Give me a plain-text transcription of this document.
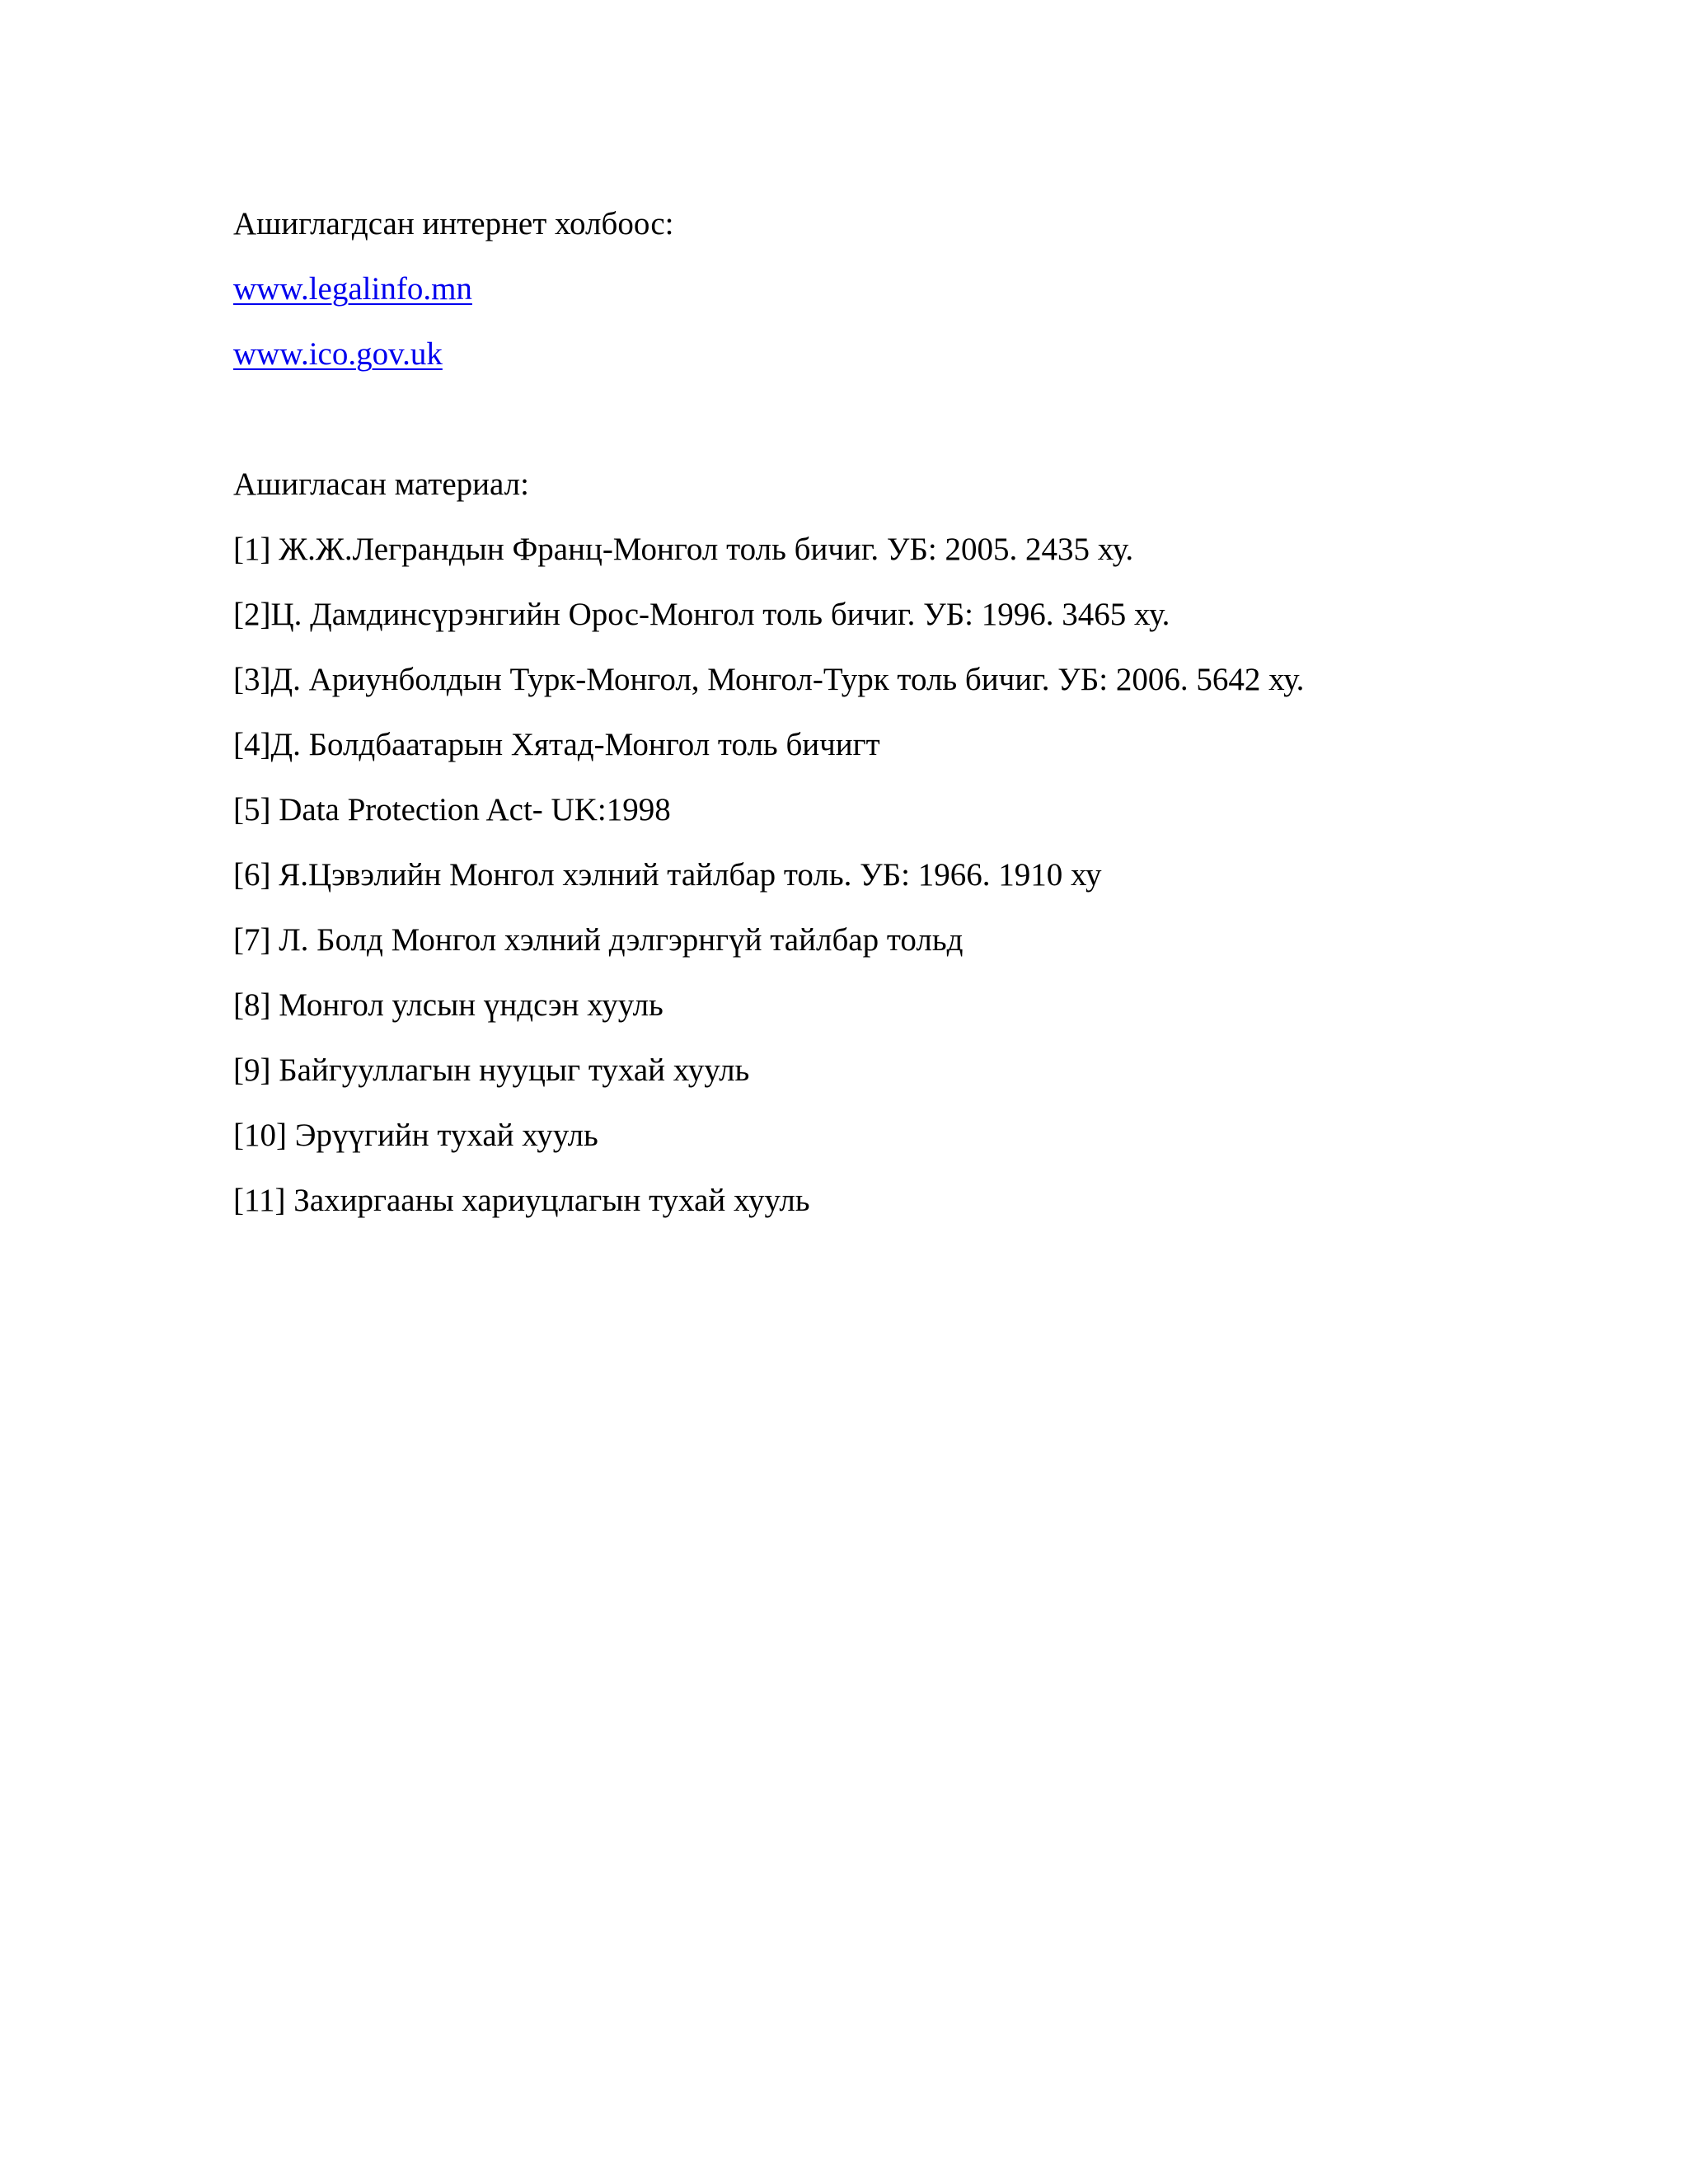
Ашиглагдсан интернет холбоос:
www.legalinfo.mn
www.ico.gov.uk
Ашигласан материал:
[1] Ж.Ж.Леграндын Франц-Монгол толь бичиг. УБ: 2005. 2435 ху.
[2]Ц. Дамдинсүрэнгийн Орос-Монгол толь бичиг. УБ: 1996. 3465 ху.
[3]Д. Ариунболдын Турк-Монгол, Монгол-Турк толь бичиг. УБ: 2006. 5642 ху.
[4]Д. Болдбаатарын Хятад-Монгол толь бичигт
[5] Data Protection Act- UK:1998
[6] Я.Цэвэлийн Монгол хэлний тайлбар толь. УБ: 1966. 1910 ху
[7] Л. Болд Монгол хэлний дэлгэрнгүй тайлбар тольд
[8] Монгол улсын үндсэн хууль
[9] Байгууллагын нууцыг тухай хууль
[10] Эрүүгийн тухай хууль
[11] Захиргааны хариуцлагын тухай хууль
